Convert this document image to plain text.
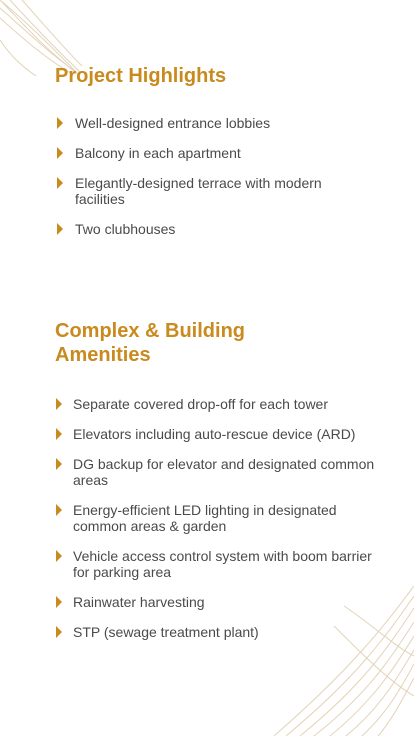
Project Highlights
Well-designed entrance lobbies
Balcony in each apartment
Elegantly-designed terrace with modern facilities
Two clubhouses
Complex & Building Amenities
Separate covered drop-off for each tower
Elevators including auto-rescue device (ARD)
DG backup for elevator and designated common areas
Energy-efficient LED lighting in designated common areas & garden
Vehicle access control system with boom barrier for parking area
Rainwater harvesting
STP (sewage treatment plant)
